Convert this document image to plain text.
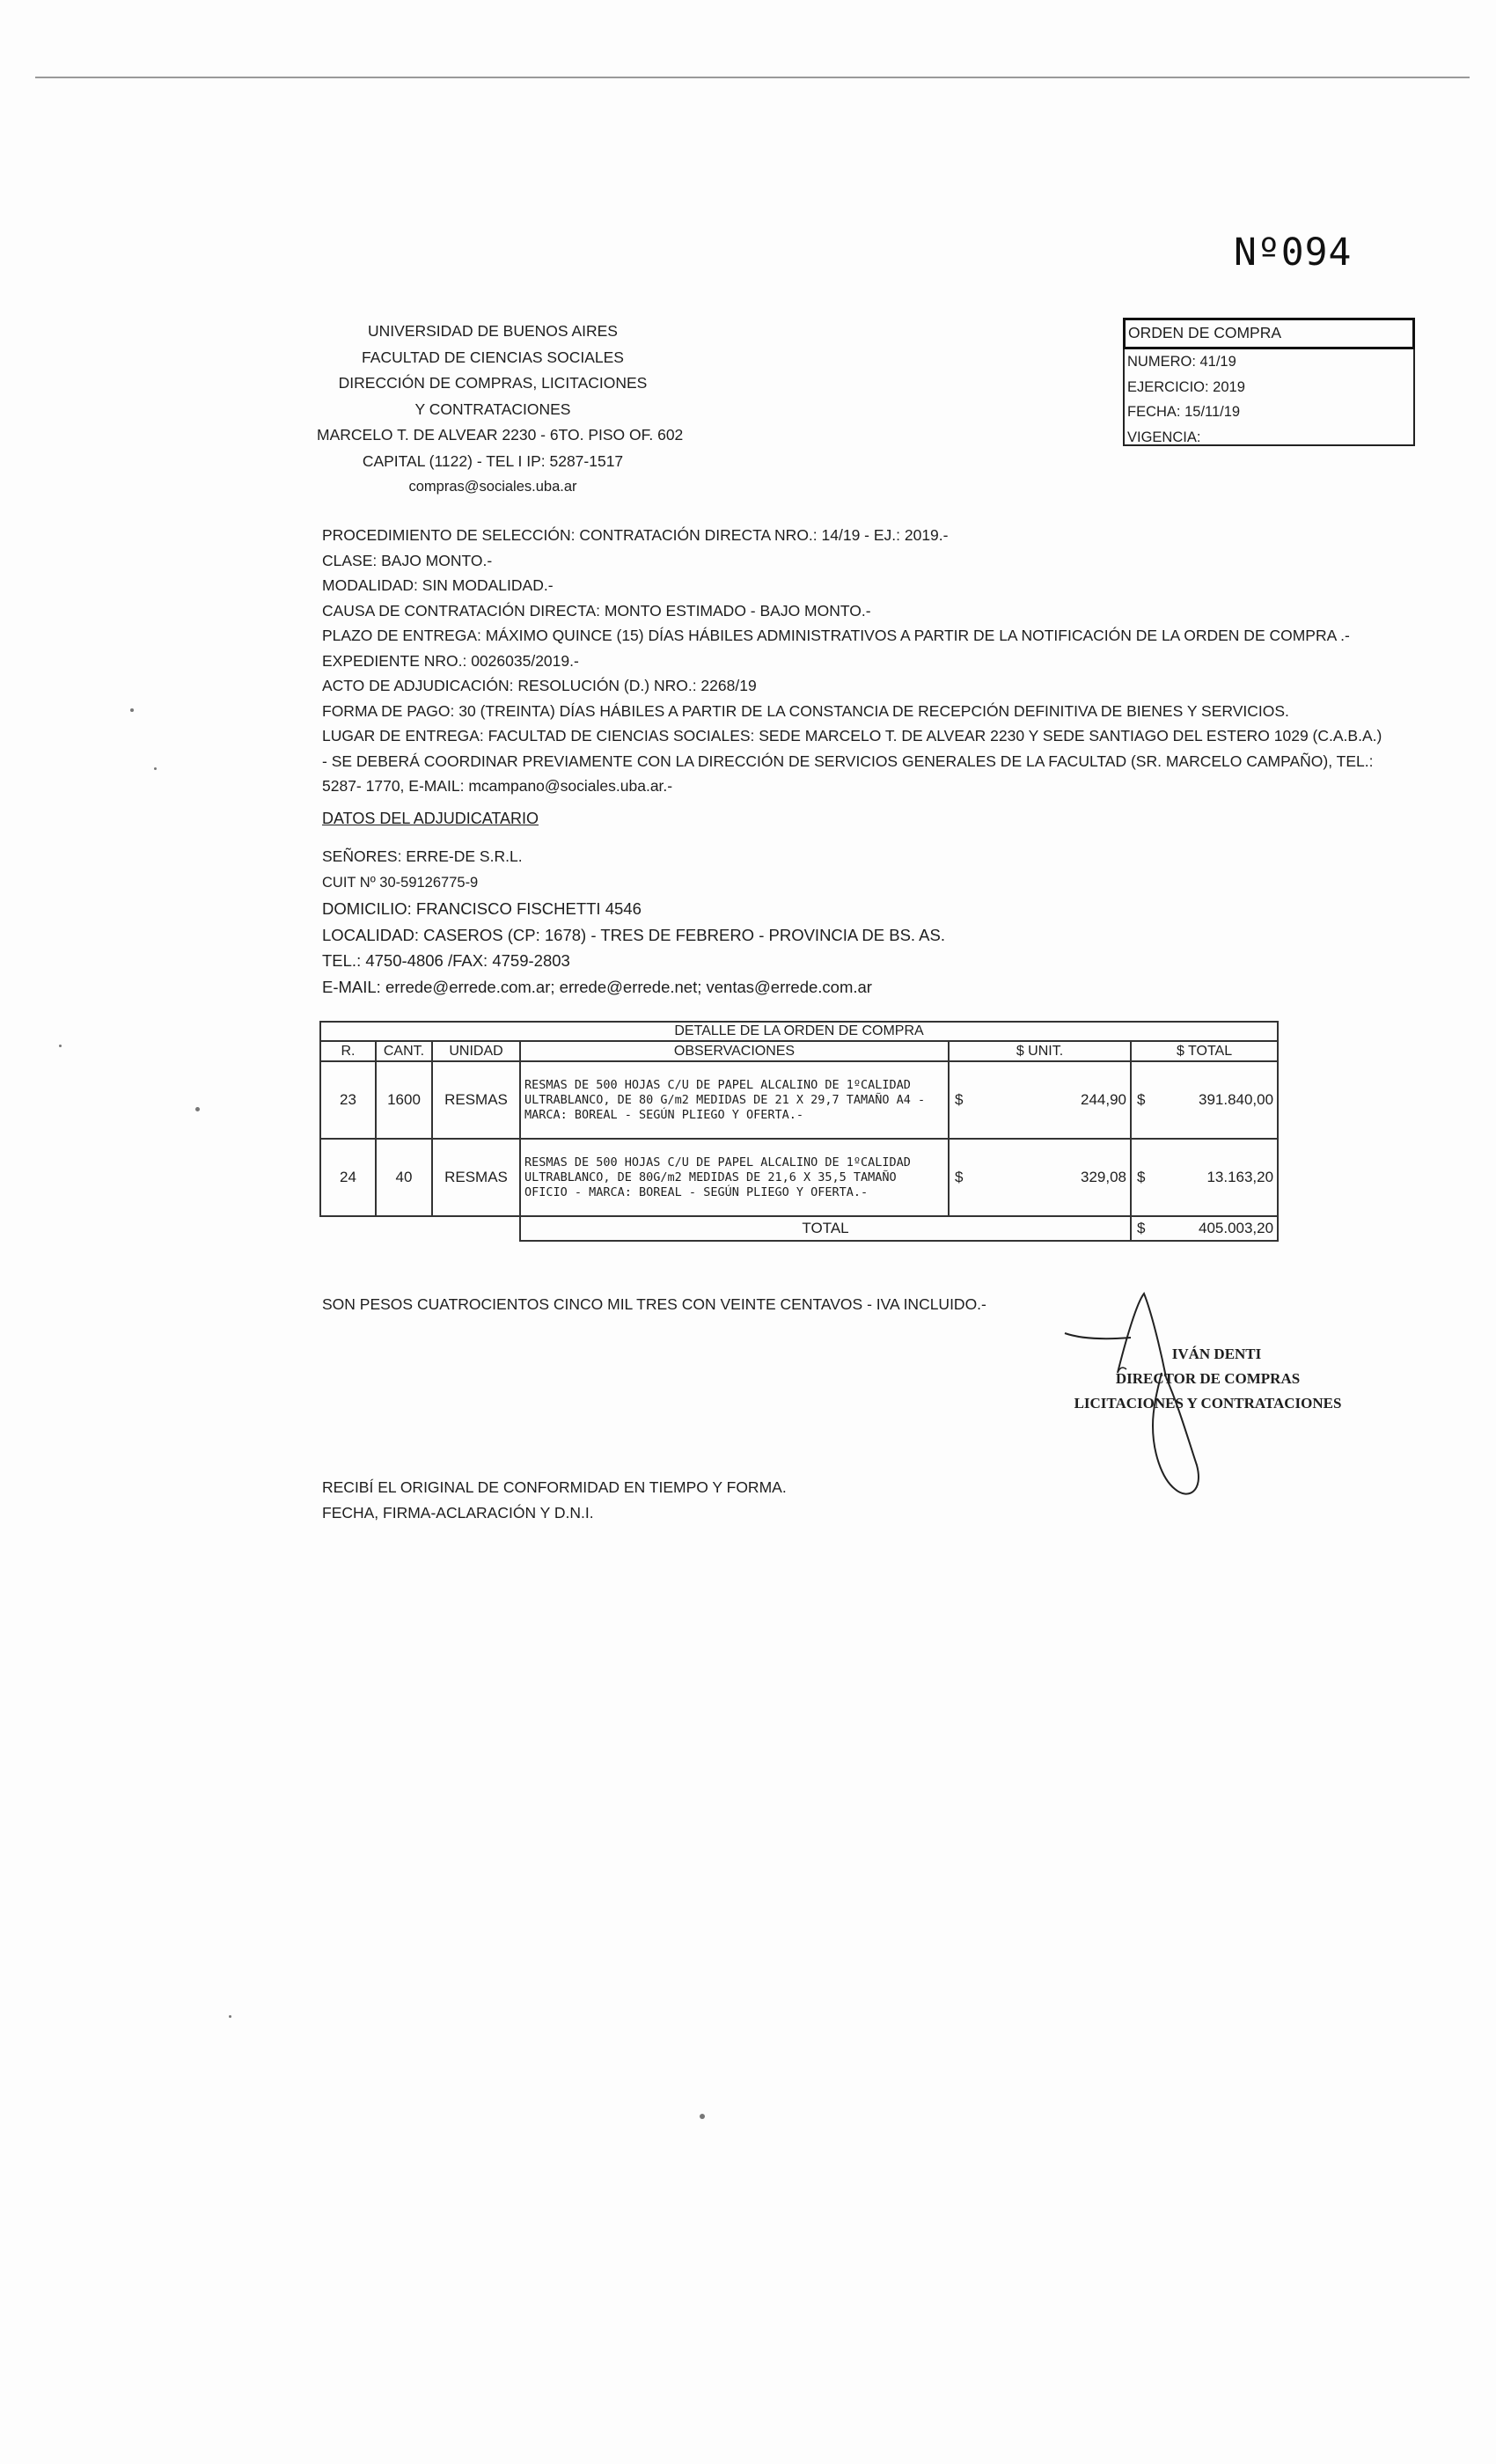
Nº094
UNIVERSIDAD DE BUENOS AIRES
FACULTAD DE CIENCIAS SOCIALES
DIRECCIÓN DE COMPRAS, LICITACIONES
Y CONTRATACIONES
MARCELO T. DE ALVEAR 2230 - 6TO. PISO OF. 602
CAPITAL (1122) - TEL I IP: 5287-1517
compras@sociales.uba.ar
ORDEN DE COMPRA
NUMERO: 41/19
EJERCICIO: 2019
FECHA: 15/11/19
VIGENCIA:
PROCEDIMIENTO DE SELECCIÓN: CONTRATACIÓN DIRECTA NRO.: 14/19 - EJ.: 2019.-
CLASE: BAJO MONTO.-
MODALIDAD: SIN MODALIDAD.-
CAUSA DE CONTRATACIÓN DIRECTA: MONTO ESTIMADO - BAJO MONTO.-
PLAZO DE ENTREGA: MÁXIMO QUINCE (15) DÍAS HÁBILES ADMINISTRATIVOS A PARTIR DE LA NOTIFICACIÓN DE LA ORDEN DE COMPRA .-
EXPEDIENTE NRO.: 0026035/2019.-
ACTO DE ADJUDICACIÓN: RESOLUCIÓN (D.) NRO.: 2268/19
FORMA DE PAGO: 30 (TREINTA) DÍAS HÁBILES A PARTIR DE LA CONSTANCIA DE RECEPCIÓN DEFINITIVA DE BIENES Y SERVICIOS.
LUGAR DE ENTREGA: FACULTAD DE CIENCIAS SOCIALES: SEDE MARCELO T. DE ALVEAR 2230 Y SEDE SANTIAGO DEL ESTERO 1029 (C.A.B.A.)
- SE DEBERÁ COORDINAR PREVIAMENTE CON LA DIRECCIÓN DE SERVICIOS GENERALES DE LA FACULTAD (SR. MARCELO CAMPAÑO), TEL.:
5287- 1770, E-MAIL: mcampano@sociales.uba.ar.-
DATOS DEL ADJUDICATARIO
SEÑORES: ERRE-DE S.R.L.
CUIT Nº 30-59126775-9
DOMICILIO: FRANCISCO FISCHETTI 4546
LOCALIDAD: CASEROS (CP: 1678) - TRES DE FEBRERO - PROVINCIA DE BS. AS.
TEL.: 4750-4806 /FAX: 4759-2803
E-MAIL: errede@errede.com.ar; errede@errede.net; ventas@errede.com.ar
DETALLE DE LA ORDEN DE COMPRA					
R.	CANT.	UNIDAD	OBSERVACIONES	$ UNIT.	$ TOTAL
23	1600	RESMAS	RESMAS DE 500 HOJAS C/U DE PAPEL ALCALINO DE 1ºCALIDAD ULTRABLANCO, DE 80 G/m2 MEDIDAS DE 21 X 29,7 TAMAÑO A4 - MARCA: BOREAL - SEGÚN PLIEGO Y OFERTA.-	$ 244,90	$ 391.840,00

24	40	RESMAS	RESMAS DE 500 HOJAS C/U DE PAPEL ALCALINO DE 1ºCALIDAD ULTRABLANCO, DE 80G/m2 MEDIDAS DE 21,6 X 35,5 TAMAÑO OFICIO - MARCA: BOREAL - SEGÚN PLIEGO Y OFERTA.-	$ 329,08	$ 13.163,20

			TOTAL		$ 405.003,20
SON PESOS CUATROCIENTOS CINCO MIL TRES CON VEINTE CENTAVOS - IVA INCLUIDO.-
IVÁN DENTI
DIRECTOR DE COMPRAS
LICITACIONES Y CONTRATACIONES
RECIBÍ EL ORIGINAL DE CONFORMIDAD EN TIEMPO Y FORMA.
FECHA, FIRMA-ACLARACIÓN Y D.N.I.
